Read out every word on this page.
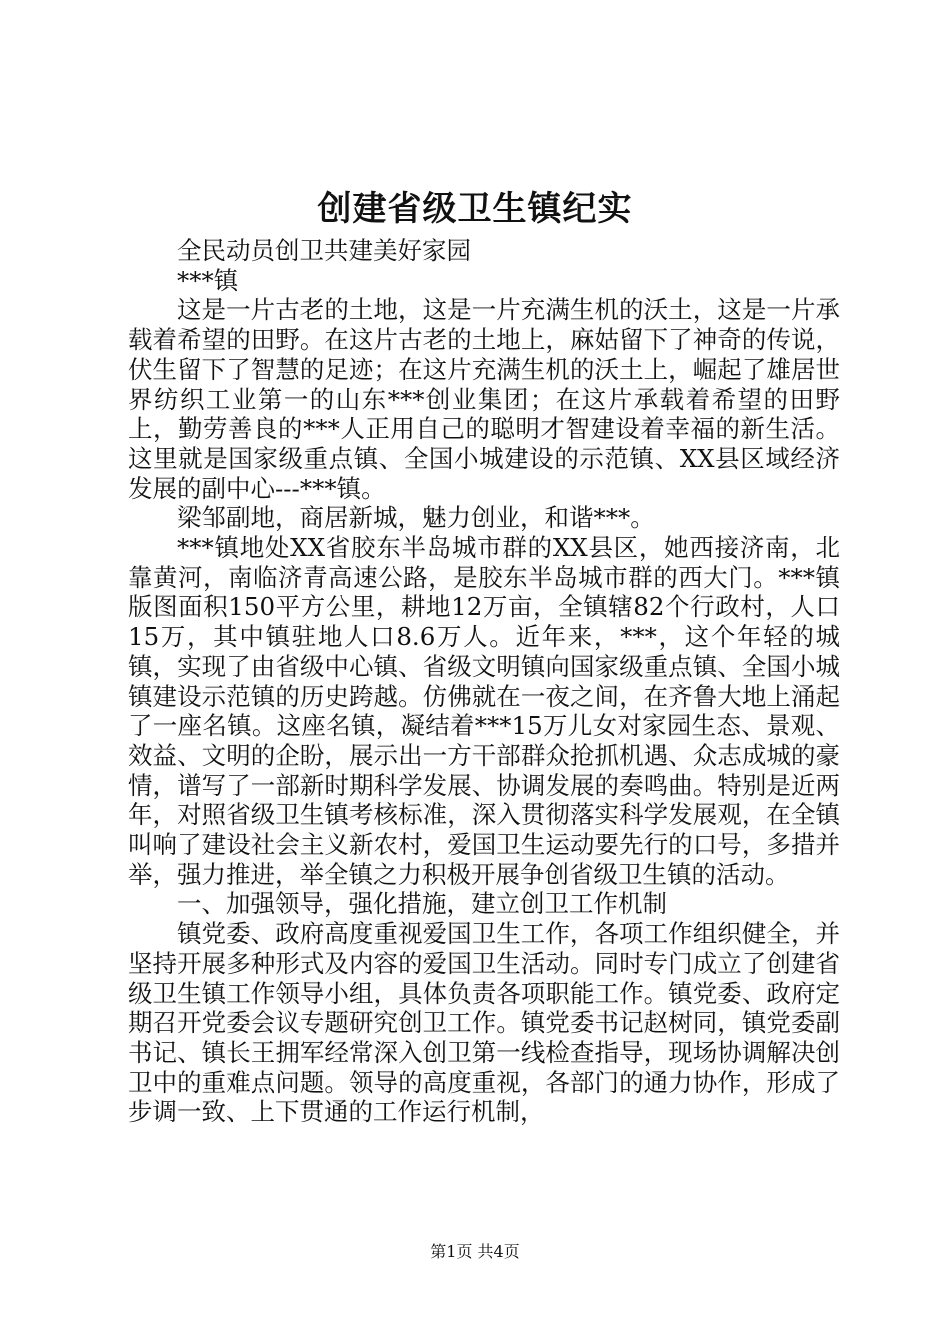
创建省级卫生镇纪实

全民动员创卫共建美好家园

***镇

这是一片古老的土地，这是一片充满生机的沃土，这是一片承载着希望的田野。在这片古老的土地上，麻姑留下了神奇的传说，伏生留下了智慧的足迹；在这片充满生机的沃土上，崛起了雄居世界纺织工业第一的山东***创业集团；在这片承载着希望的田野上，勤劳善良的***人正用自己的聪明才智建设着幸福的新生活。这里就是国家级重点镇、全国小城建设的示范镇、XX县区域经济发展的副中心---***镇。

梁邹副地，商居新城，魅力创业，和谐***。

***镇地处XX省胶东半岛城市群的XX县区，她西接济南，北靠黄河，南临济青高速公路，是胶东半岛城市群的西大门。***镇版图面积150平方公里，耕地12万亩，全镇辖82个行政村，人口15万，其中镇驻地人口8.6万人。近年来，***，这个年轻的城镇，实现了由省级中心镇、省级文明镇向国家级重点镇、全国小城镇建设示范镇的历史跨越。仿佛就在一夜之间，在齐鲁大地上涌起了一座名镇。这座名镇，凝结着***15万儿女对家园生态、景观、效益、文明的企盼，展示出一方干部群众抢抓机遇、众志成城的豪情，谱写了一部新时期科学发展、协调发展的奏鸣曲。特别是近两年，对照省级卫生镇考核标准，深入贯彻落实科学发展观，在全镇叫响了建设社会主义新农村，爱国卫生运动要先行的口号，多措并举，强力推进，举全镇之力积极开展争创省级卫生镇的活动。

一、加强领导，强化措施，建立创卫工作机制

镇党委、政府高度重视爱国卫生工作，各项工作组织健全，并坚持开展多种形式及内容的爱国卫生活动。同时专门成立了创建省级卫生镇工作领导小组，具体负责各项职能工作。镇党委、政府定期召开党委会议专题研究创卫工作。镇党委书记赵树同，镇党委副书记、镇长王拥军经常深入创卫第一线检查指导，现场协调解决创卫中的重难点问题。领导的高度重视，各部门的通力协作，形成了步调一致、上下贯通的工作运行机制，

第1页 共4页
